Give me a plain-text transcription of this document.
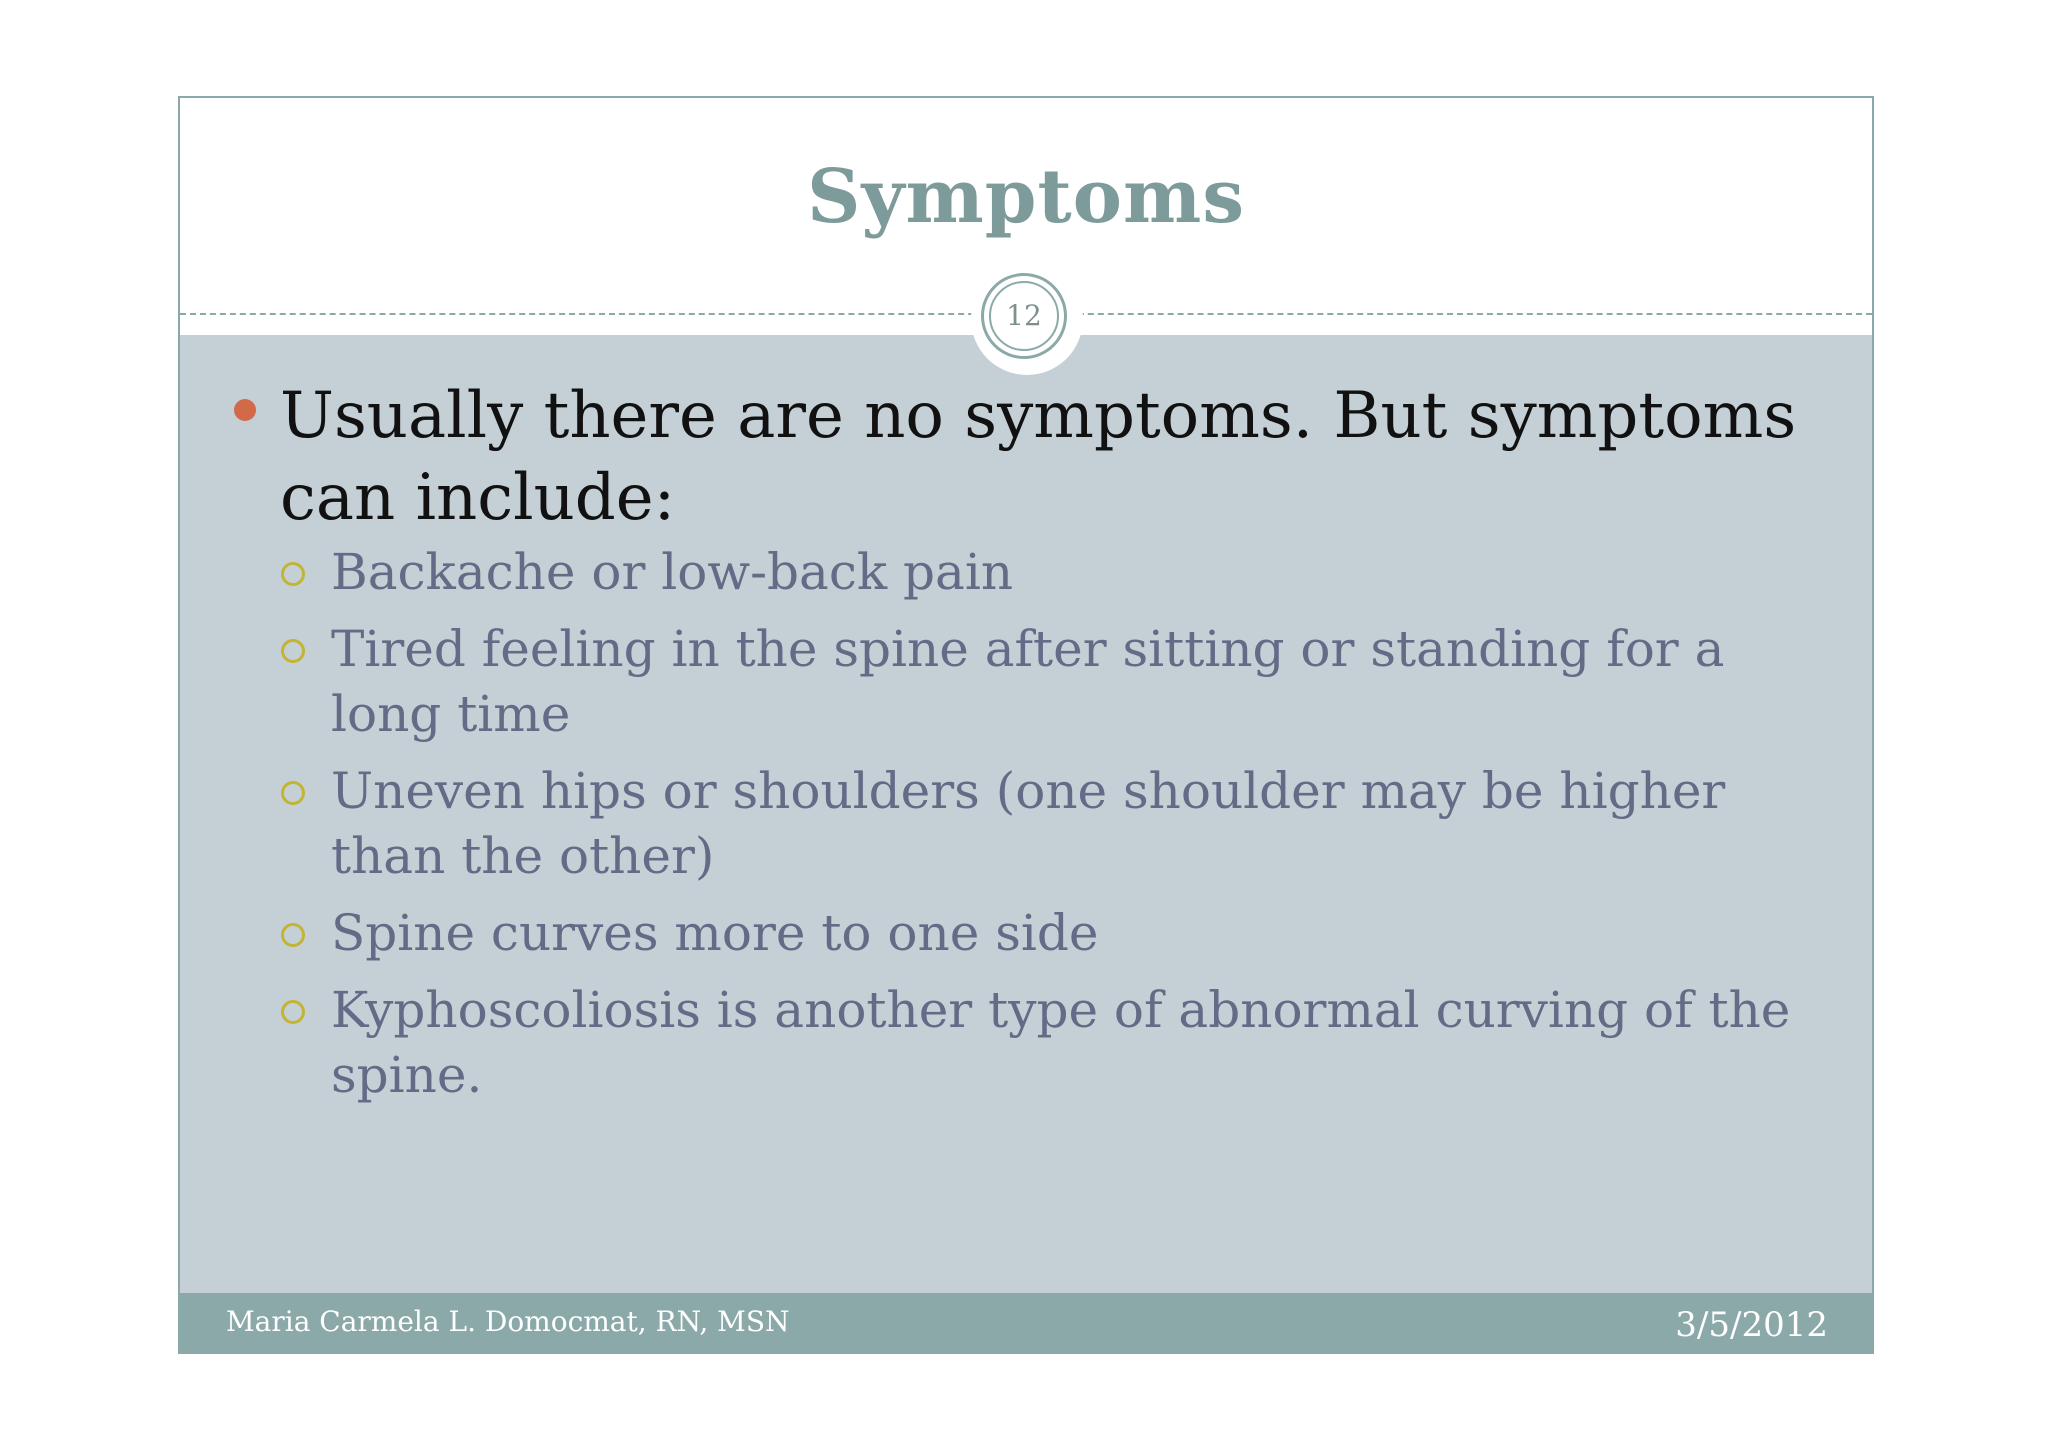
Symptoms
12
Usually there are no symptoms. But symptoms can include:
Backache or low-back pain
Tired feeling in the spine after sitting or standing for a long time
Uneven hips or shoulders (one shoulder may be higher than the other)
Spine curves more to one side
Kyphoscoliosis is another type of abnormal curving of the spine.
Maria Carmela L. Domocmat, RN, MSN	3/5/2012
